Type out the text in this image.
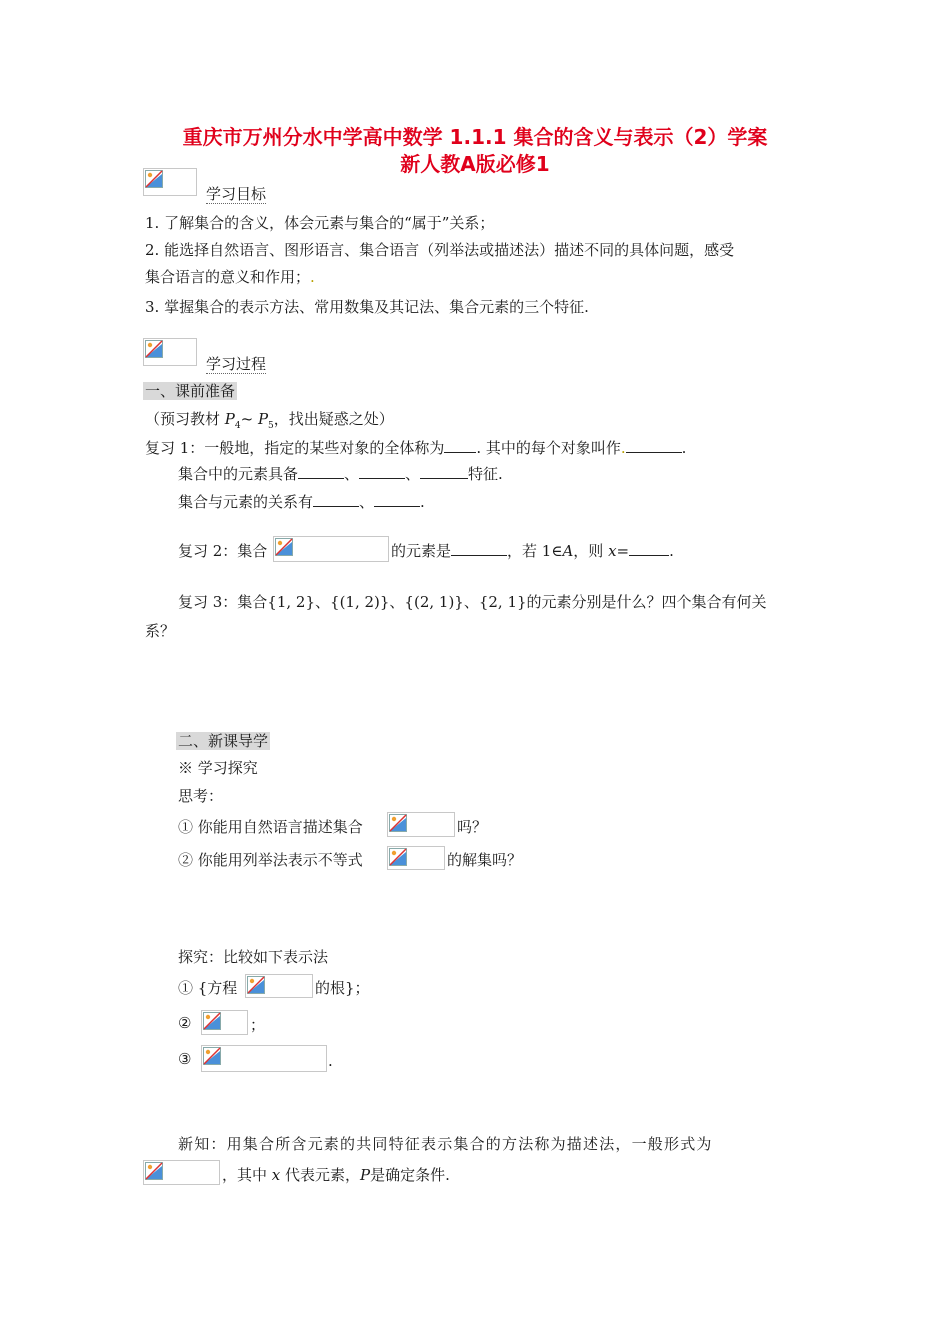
重庆市万州分水中学高中数学 1.1.1 集合的含义与表示（2）学案
新人教A版必修1
学习目标
1. 了解集合的含义，体会元素与集合的“属于”关系；
2. 能选择自然语言、图形语言、集合语言（列举法或描述法）描述不同的具体问题，感受
集合语言的意义和作用；.
3. 掌握集合的表示方法、常用数集及其记法、集合元素的三个特征.
学习过程
一、课前准备
（预习教材 $P_4\sim$ $P_5$，找出疑惑之处）
复习 1：一般地，指定的某些对象的全体称为 . 其中的每个对象叫作.	.
集合中的元素具备	、	、	特征.
集合与元素的关系有	、	.
复习 2：集合	的元素是	，若 1∈A，则 x=	.
复习 3：集合{1, 2}、{(1, 2)}、{(2, 1)}、{2, 1}的元素分别是什么？四个集合有何关
系？
二、新课导学
※ 学习探究
思考：
① 你能用自然语言描述集合	吗？
② 你能用列举法表示不等式	的解集吗？
探究：比较如下表示法
① {方程	的根}；
②	；
③	.
新知：用集合所含元素的共同特征表示集合的方法称为描述法，一般形式为
，其中 x 代表元素，P是确定条件.
